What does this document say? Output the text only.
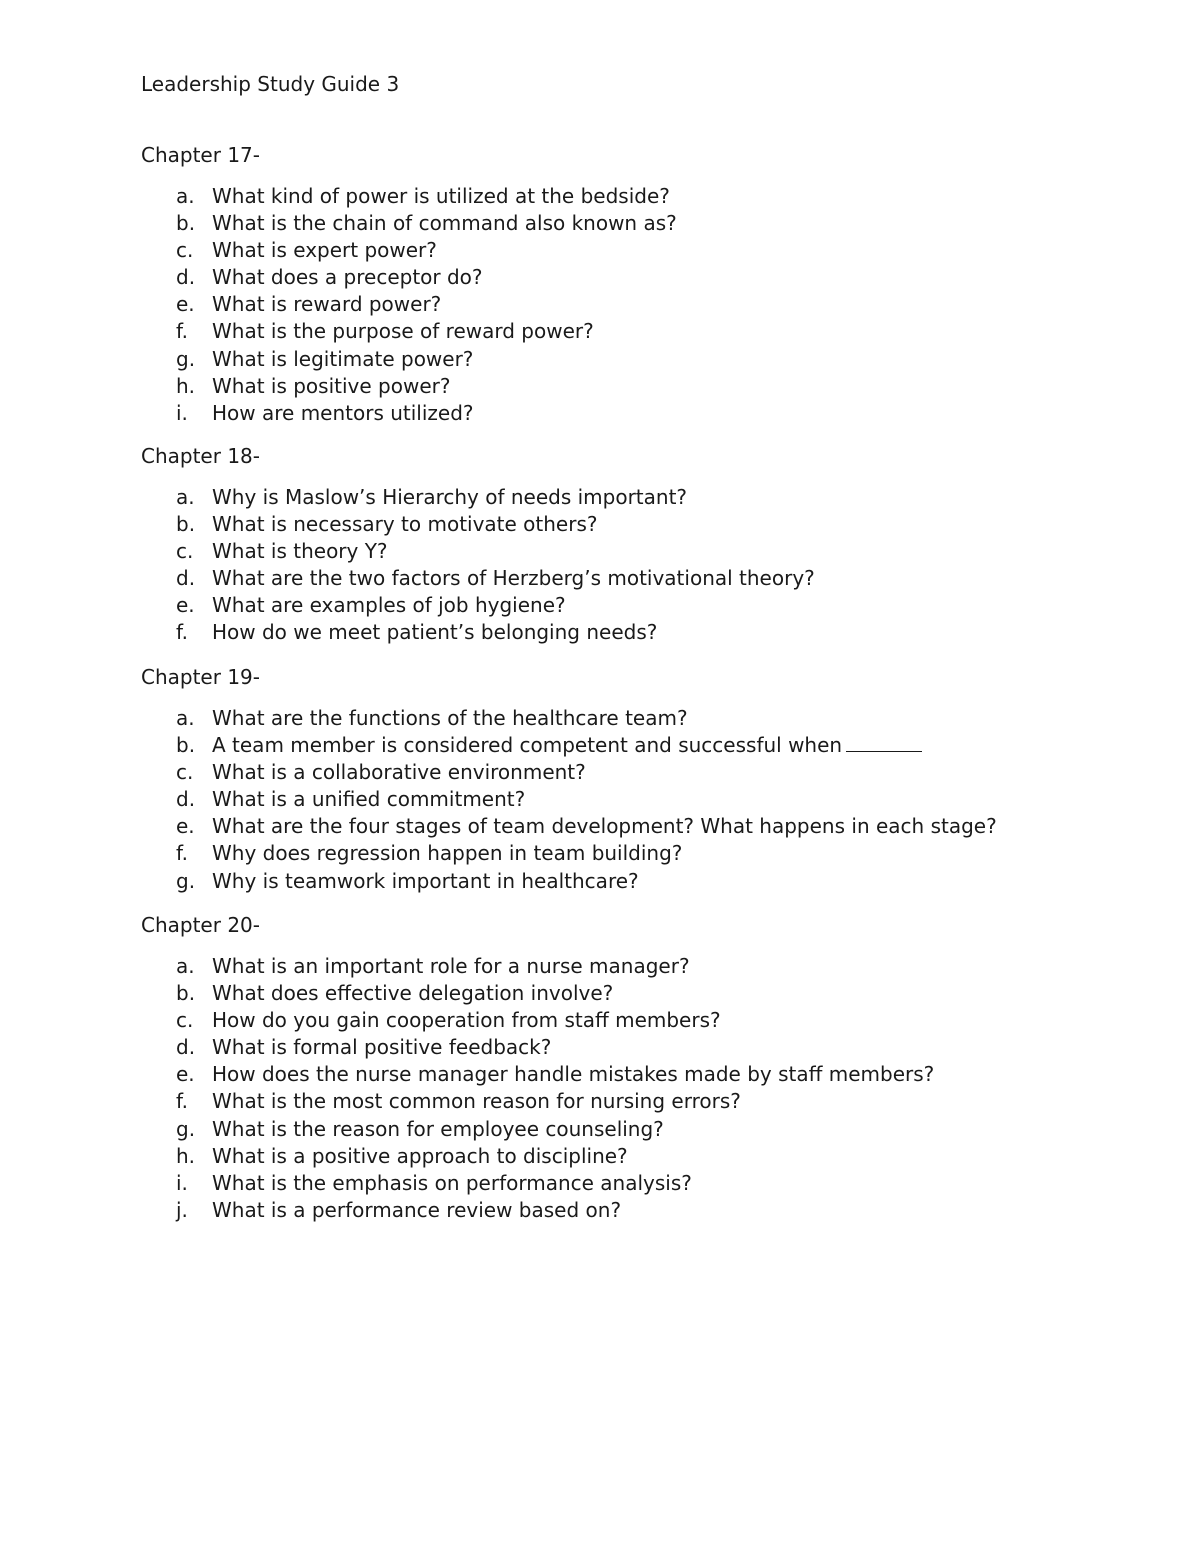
Leadership Study Guide 3
Chapter 17-
a. What kind of power is utilized at the bedside?
b. What is the chain of command also known as?
c. What is expert power?
d. What does a preceptor do?
e. What is reward power?
f. What is the purpose of reward power?
g. What is legitimate power?
h. What is positive power?
i. How are mentors utilized?
Chapter 18-
a. Why is Maslow’s Hierarchy of needs important?
b. What is necessary to motivate others?
c. What is theory Y?
d. What are the two factors of Herzberg’s motivational theory?
e. What are examples of job hygiene?
f. How do we meet patient’s belonging needs?
Chapter 19-
a. What are the functions of the healthcare team?
b. A team member is considered competent and successful when
c. What is a collaborative environment?
d. What is a unified commitment?
e. What are the four stages of team development? What happens in each stage?
f. Why does regression happen in team building?
g. Why is teamwork important in healthcare?
Chapter 20-
a. What is an important role for a nurse manager?
b. What does effective delegation involve?
c. How do you gain cooperation from staff members?
d. What is formal positive feedback?
e. How does the nurse manager handle mistakes made by staff members?
f. What is the most common reason for nursing errors?
g. What is the reason for employee counseling?
h. What is a positive approach to discipline?
i. What is the emphasis on performance analysis?
j. What is a performance review based on?
